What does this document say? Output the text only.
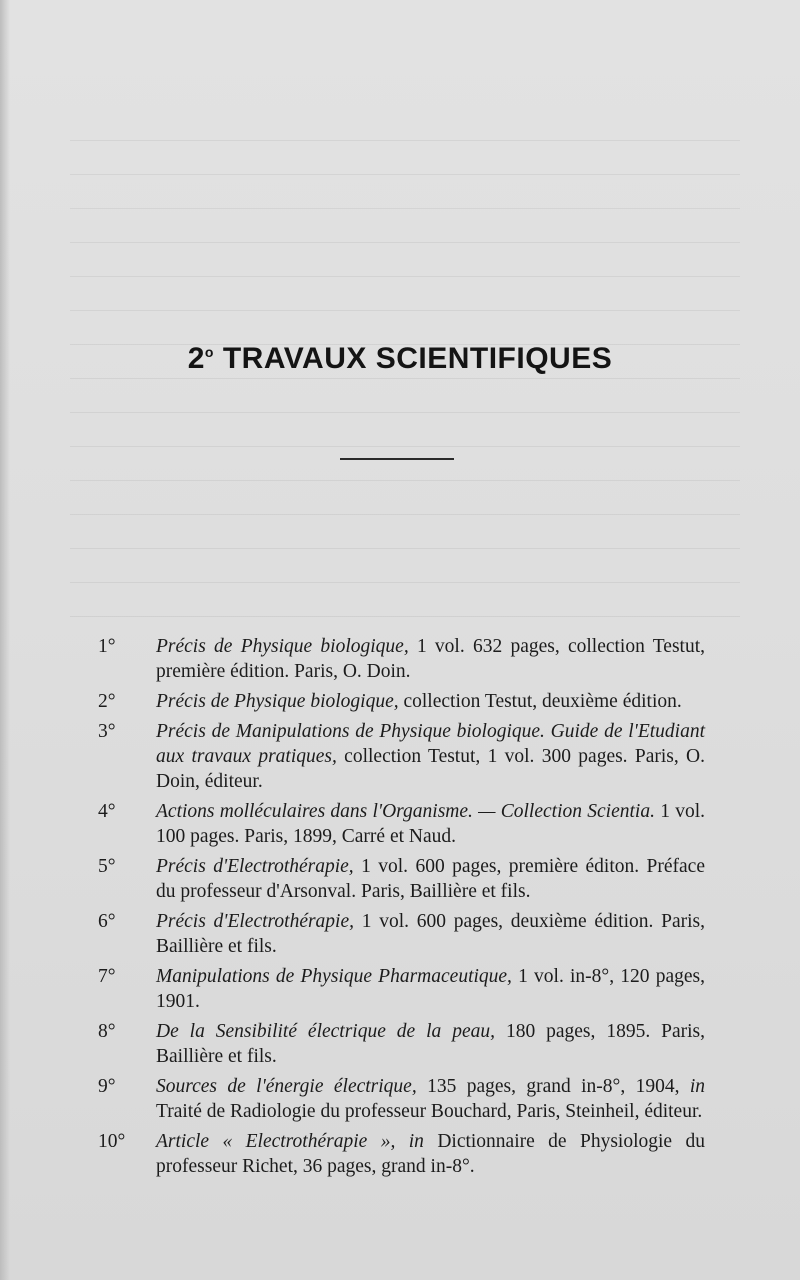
2$^o$ TRAVAUX SCIENTIFIQUES
1°	Précis de Physique biologique, 1 vol. 632 pages, collection Testut, première édition. Paris, O. Doin.
2°	Précis de Physique biologique, collection Testut, deuxième édition.
3°	Précis de Manipulations de Physique biologique. Guide de l'Etudiant aux travaux pratiques, collection Testut, 1 vol. 300 pages. Paris, O. Doin, éditeur.
4°	Actions molléculaires dans l'Organisme. — Collection Scientia. 1 vol. 100 pages. Paris, 1899, Carré et Naud.
5°	Précis d'Electrothérapie, 1 vol. 600 pages, première éditon. Préface du professeur d'Arsonval. Paris, Baillière et fils.
6°	Précis d'Electrothérapie, 1 vol. 600 pages, deuxième édition. Paris, Baillière et fils.
7°	Manipulations de Physique Pharmaceutique, 1 vol. in-8°, 120 pages, 1901.
8°	De la Sensibilité électrique de la peau, 180 pages, 1895. Paris, Baillière et fils.
9°	Sources de l'énergie électrique, 135 pages, grand in-8°, 1904, in Traité de Radiologie du professeur Bouchard, Paris, Steinheil, éditeur.
10°	Article « Electrothérapie », in Dictionnaire de Physiologie du professeur Richet, 36 pages, grand in-8°.
